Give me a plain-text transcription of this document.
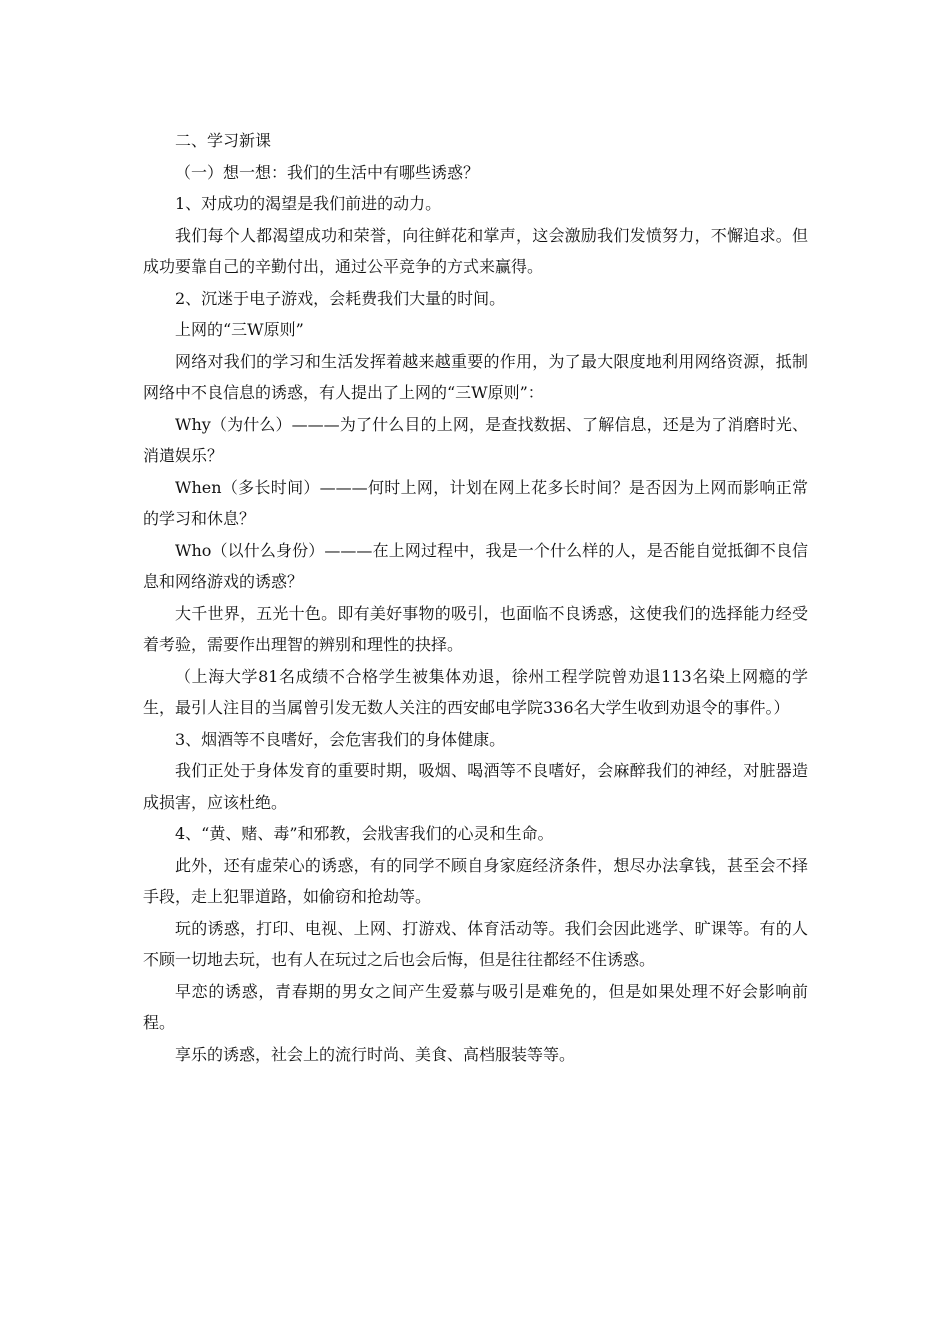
二、学习新课

（一）想一想：我们的生活中有哪些诱惑？

1、对成功的渴望是我们前进的动力。

我们每个人都渴望成功和荣誉，向往鲜花和掌声，这会激励我们发愤努力，不懈追求。但成功要靠自己的辛勤付出，通过公平竞争的方式来赢得。

2、沉迷于电子游戏，会耗费我们大量的时间。

上网的“三W原则”

网络对我们的学习和生活发挥着越来越重要的作用，为了最大限度地利用网络资源，抵制网络中不良信息的诱惑，有人提出了上网的“三W原则”：

Why（为什么）———为了什么目的上网，是查找数据、了解信息，还是为了消磨时光、消遣娱乐？

When（多长时间）———何时上网，计划在网上花多长时间？是否因为上网而影响正常的学习和休息？

Who（以什么身份）———在上网过程中，我是一个什么样的人，是否能自觉抵御不良信息和网络游戏的诱惑？

大千世界，五光十色。即有美好事物的吸引，也面临不良诱惑，这使我们的选择能力经受着考验，需要作出理智的辨别和理性的抉择。

（上海大学81名成绩不合格学生被集体劝退，徐州工程学院曾劝退113名染上网瘾的学生，最引人注目的当属曾引发无数人关注的西安邮电学院336名大学生收到劝退令的事件。）

3、烟酒等不良嗜好，会危害我们的身体健康。

我们正处于身体发育的重要时期，吸烟、喝酒等不良嗜好，会麻醉我们的神经，对脏器造成损害，应该杜绝。

4、“黄、赌、毒”和邪教，会戕害我们的心灵和生命。

此外，还有虚荣心的诱惑，有的同学不顾自身家庭经济条件，想尽办法拿钱，甚至会不择手段，走上犯罪道路，如偷窃和抢劫等。

玩的诱惑，打印、电视、上网、打游戏、体育活动等。我们会因此逃学、旷课等。有的人不顾一切地去玩，也有人在玩过之后也会后悔，但是往往都经不住诱惑。

早恋的诱惑，青春期的男女之间产生爱慕与吸引是难免的，但是如果处理不好会影响前程。

享乐的诱惑，社会上的流行时尚、美食、高档服装等等。
